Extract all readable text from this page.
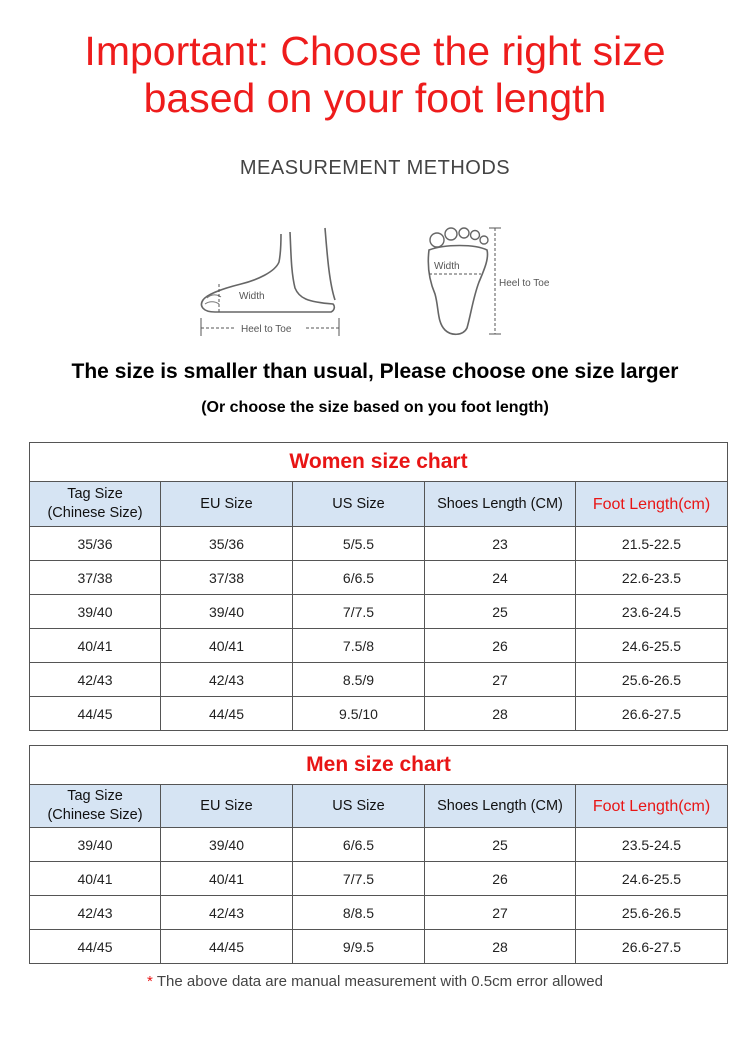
Important: Choose the right size
based on your foot length
MEASUREMENT METHODS
Width
Heel to Toe
Width
Heel to Toe
The size is smaller than usual, Please choose one size larger
(Or choose the size based on you foot length)
Women size chart				

Tag Size
(Chinese Size)	EU Size	US Size	Shoes Length (CM)	Foot Length(cm)
35/36	35/36	5/5.5	23	21.5-22.5
37/38	37/38	6/6.5	24	22.6-23.5
39/40	39/40	7/7.5	25	23.6-24.5
40/41	40/41	7.5/8	26	24.6-25.5
42/43	42/43	8.5/9	27	25.6-26.5
44/45	44/45	9.5/10	28	26.6-27.5
Men size chart				

Tag Size
(Chinese Size)	EU Size	US Size	Shoes Length (CM)	Foot Length(cm)
39/40	39/40	6/6.5	25	23.5-24.5
40/41	40/41	7/7.5	26	24.6-25.5
42/43	42/43	8/8.5	27	25.6-26.5
44/45	44/45	9/9.5	28	26.6-27.5
* The above data are manual measurement with 0.5cm error allowed
